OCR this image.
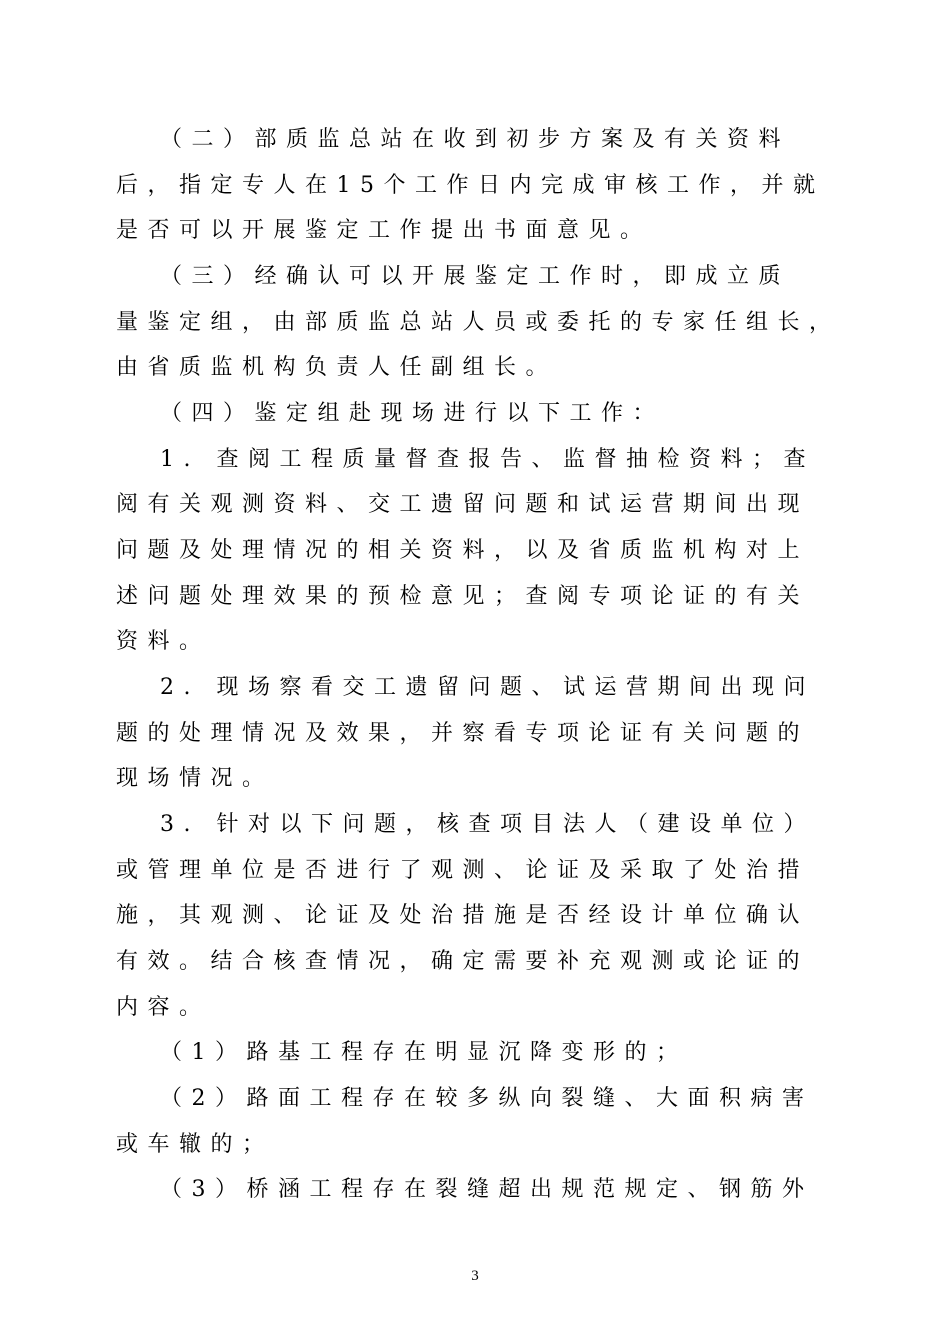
（二）部质监总站在收到初步方案及有关资料
后，指定专人在15个工作日内完成审核工作，并就
是否可以开展鉴定工作提出书面意见。
（三）经确认可以开展鉴定工作时，即成立质
量鉴定组，由部质监总站人员或委托的专家任组长，
由省质监机构负责人任副组长。
（四）鉴定组赴现场进行以下工作：
1. 查阅工程质量督查报告、监督抽检资料；查
阅有关观测资料、交工遗留问题和试运营期间出现
问题及处理情况的相关资料，以及省质监机构对上
述问题处理效果的预检意见；查阅专项论证的有关
资料。
2. 现场察看交工遗留问题、试运营期间出现问
题的处理情况及效果，并察看专项论证有关问题的
现场情况。
3. 针对以下问题，核查项目法人（建设单位）
或管理单位是否进行了观测、论证及采取了处治措
施，其观测、论证及处治措施是否经设计单位确认
有效。结合核查情况，确定需要补充观测或论证的
内容。
（1）路基工程存在明显沉降变形的；
（2）路面工程存在较多纵向裂缝、大面积病害
或车辙的；
（3）桥涵工程存在裂缝超出规范规定、钢筋外
3
